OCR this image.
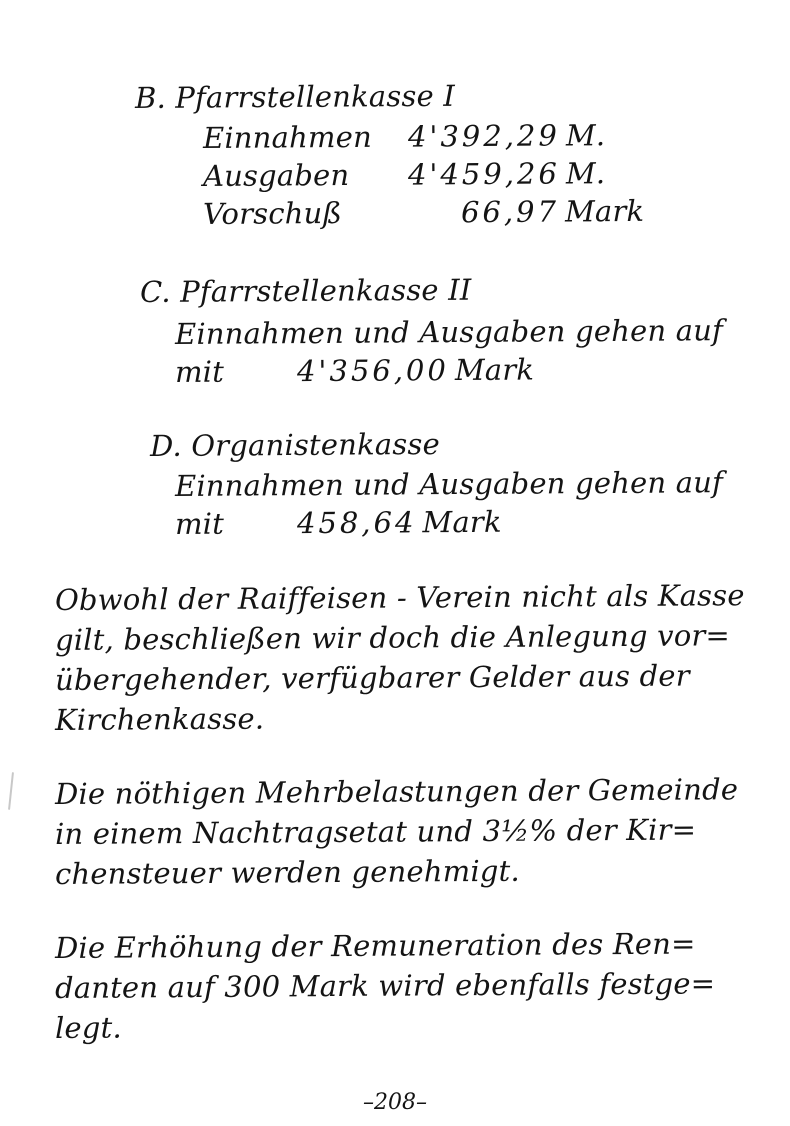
B. Pfarrstellenkasse I
Einnahmen	4'392,29 M.
Ausgaben	4'459,26 M.
Vorschuß	66,97 Mark
C. Pfarrstellenkasse II
Einnahmen und Ausgaben gehen auf
mit	4'356,00 Mark
D. Organistenkasse
Einnahmen und Ausgaben gehen auf
mit	458,64 Mark
Obwohl der Raiffeisen - Verein nicht als Kasse
gilt, beschließen wir doch die Anlegung vor=
übergehender, verfügbarer Gelder aus der
Kirchenkasse.
Die nöthigen Mehrbelastungen der Gemeinde
in einem Nachtragsetat und 3½% der Kir=
chensteuer werden genehmigt.
Die Erhöhung der Remuneration des Ren=
danten auf 300 Mark wird ebenfalls festge=
legt.
–208–
